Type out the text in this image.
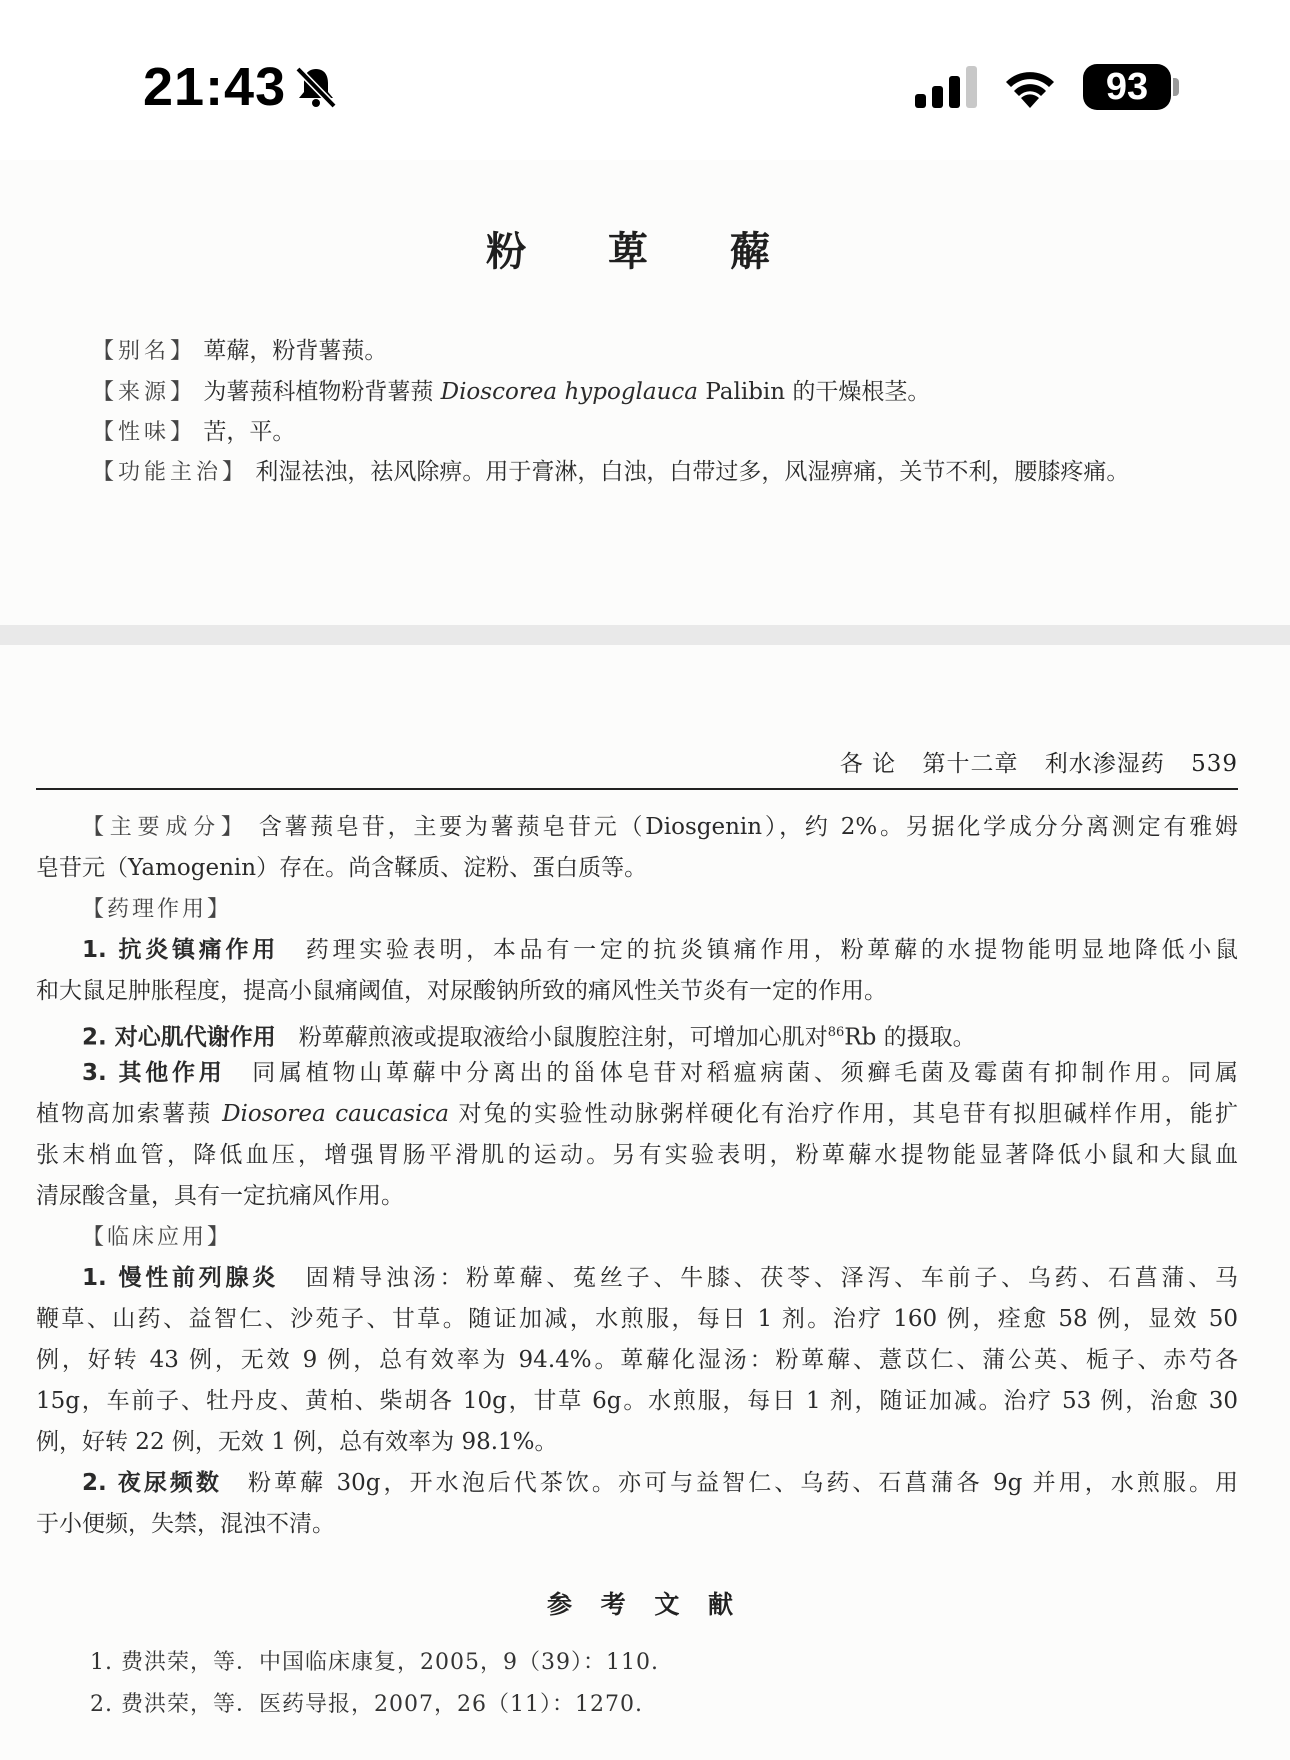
21:43	93
粉 萆 薢
【别名】 萆薢，粉背薯蓣。
【来源】 为薯蓣科植物粉背薯蓣 Dioscorea hypoglauca Palibin 的干燥根茎。
【性味】 苦，平。
【功能主治】 利湿祛浊，祛风除痹。用于膏淋，白浊，白带过多，风湿痹痛，关节不利，腰膝疼痛。
各 论 第十二章 利水渗湿药 539
【主要成分】 含薯蓣皂苷，主要为薯蓣皂苷元（Diosgenin），约 2%。另据化学成分分离测定有雅姆
皂苷元（Yamogenin）存在。尚含鞣质、淀粉、蛋白质等。
【药理作用】
1. 抗炎镇痛作用　 药理实验表明，本品有一定的抗炎镇痛作用，粉萆薢的水提物能明显地降低小鼠
和大鼠足肿胀程度，提高小鼠痛阈值，对尿酸钠所致的痛风性关节炎有一定的作用。
2. 对心肌代谢作用　 粉萆薢煎液或提取液给小鼠腹腔注射，可增加心肌对$^{86}$Rb 的摄取。
3. 其他作用　 同属植物山萆薢中分离出的甾体皂苷对稻瘟病菌、须癣毛菌及霉菌有抑制作用。同属
植物高加索薯蓣 Diosorea caucasica 对兔的实验性动脉粥样硬化有治疗作用，其皂苷有拟胆碱样作用，能扩
张末梢血管，降低血压，增强胃肠平滑肌的运动。另有实验表明，粉萆薢水提物能显著降低小鼠和大鼠血
清尿酸含量，具有一定抗痛风作用。
【临床应用】
1. 慢性前列腺炎　 固精导浊汤：粉萆薢、菟丝子、牛膝、茯苓、泽泻、车前子、乌药、石菖蒲、马
鞭草、山药、益智仁、沙苑子、甘草。随证加减，水煎服，每日 1 剂。治疗 160 例，痊愈 58 例，显效 50
例，好转 43 例，无效 9 例，总有效率为 94.4%。萆薢化湿汤：粉萆薢、薏苡仁、蒲公英、栀子、赤芍各
15g，车前子、牡丹皮、黄柏、柴胡各 10g，甘草 6g。水煎服，每日 1 剂，随证加减。治疗 53 例，治愈 30
例，好转 22 例，无效 1 例，总有效率为 98.1%。
2. 夜尿频数　 粉萆薢 30g，开水泡后代茶饮。亦可与益智仁、乌药、石菖蒲各 9g 并用，水煎服。用
于小便频，失禁，混浊不清。
参 考 文 献
1. 费洪荣，等．中国临床康复，2005，9（39）：110.
2. 费洪荣，等．医药导报，2007，26（11）：1270.
